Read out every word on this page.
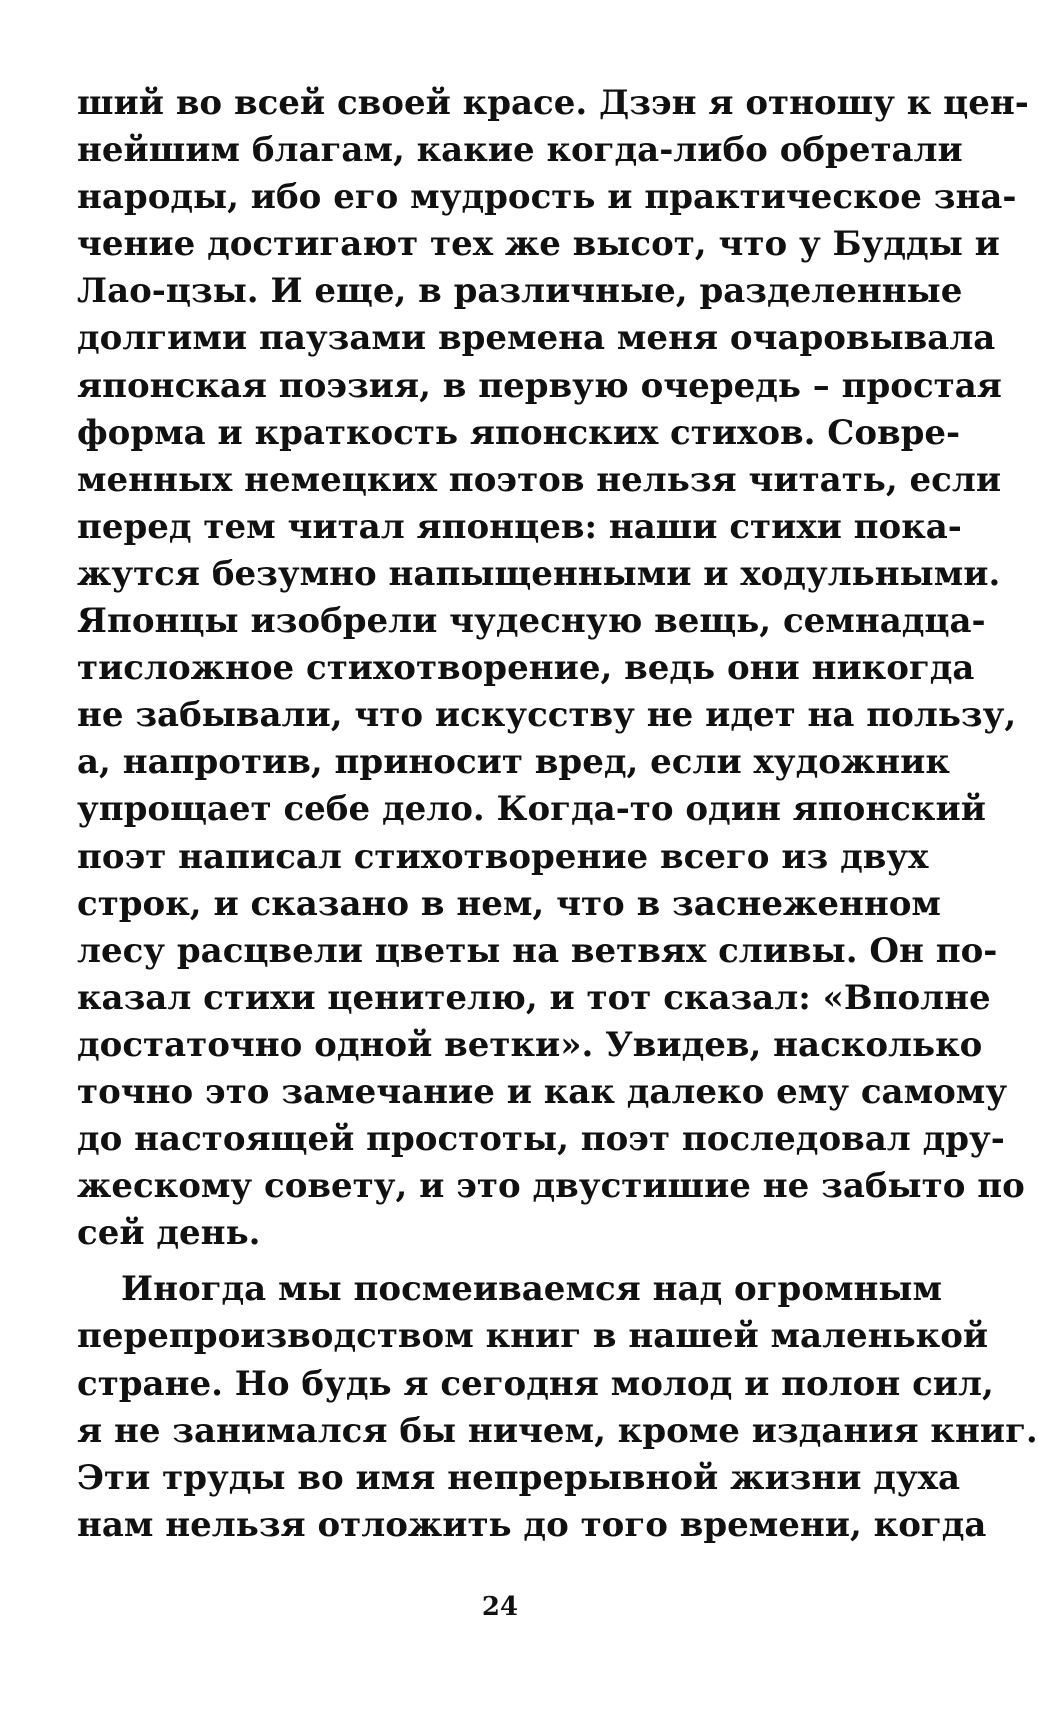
ший во всей своей красе. Дзэн я отношу к цен-
нейшим благам, какие когда-либо обретали
народы, ибо его мудрость и практическое зна-
чение достигают тех же высот, что у Будды и
Лао-цзы. И еще, в различные, разделенные
долгими паузами времена меня очаровывала
японская поэзия, в первую очередь – простая
форма и краткость японских стихов. Совре-
менных немецких поэтов нельзя читать, если
перед тем читал японцев: наши стихи пока-
жутся безумно напыщенными и ходульными.
Японцы изобрели чудесную вещь, семнадца-
тисложное стихотворение, ведь они никогда
не забывали, что искусству не идет на пользу,
а, напротив, приносит вред, если художник
упрощает себе дело. Когда-то один японский
поэт написал стихотворение всего из двух
строк, и сказано в нем, что в заснеженном
лесу расцвели цветы на ветвях сливы. Он по-
казал стихи ценителю, и тот сказал: «Вполне
достаточно одной ветки». Увидев, насколько
точно это замечание и как далеко ему самому
до настоящей простоты, поэт последовал дру-
жескому совету, и это двустишие не забыто по
сей день.
Иногда мы посмеиваемся над огромным
перепроизводством книг в нашей маленькой
стране. Но будь я сегодня молод и полон сил,
я не занимался бы ничем, кроме издания книг.
Эти труды во имя непрерывной жизни духа
нам нельзя отложить до того времени, когда
24
